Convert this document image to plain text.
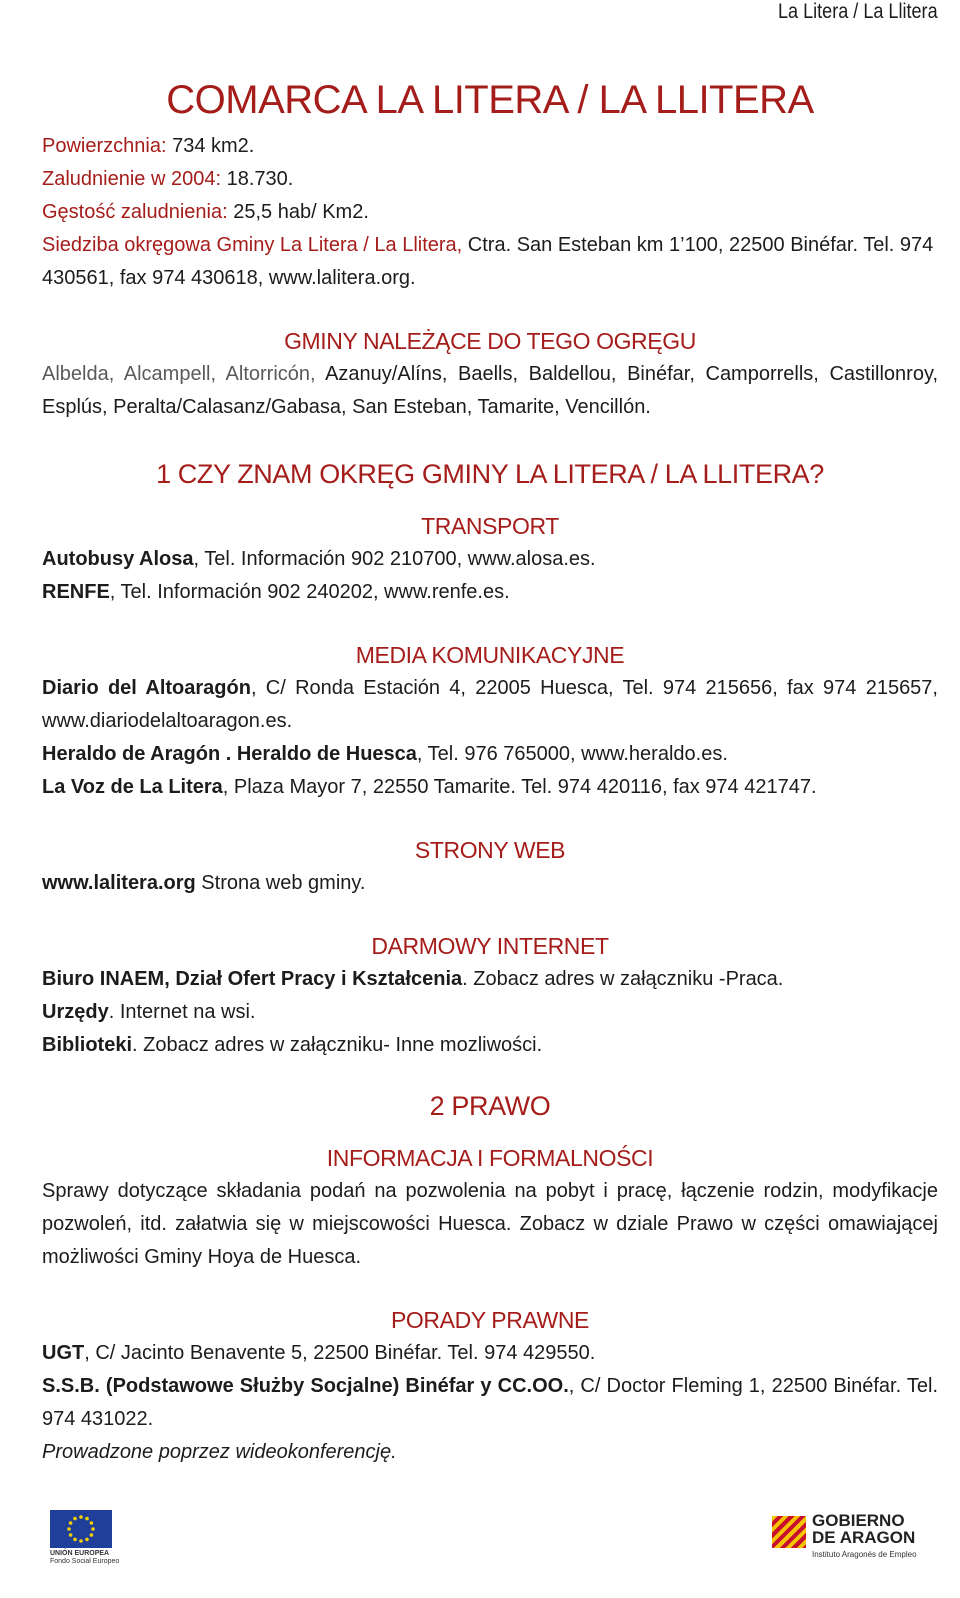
La Litera / La Llitera
COMARCA LA LITERA / LA LLITERA

Powierzchnia: 734 km2.

Zaludnienie w 2004: 18.730.

Gęstość zaludnienia: 25,5 hab/ Km2.

Siedziba okręgowa Gminy La Litera / La Llitera, Ctra. San Esteban km 1’100, 22500 Binéfar. Tel. 974 430561, fax 974 430618, www.lalitera.org.

GMINY NALEŻĄCE DO TEGO OGRĘGU

Albelda, Alcampell, Altorricón, Azanuy/Alíns, Baells, Baldellou, Binéfar, Camporrells, Castillonroy, Esplús, Peralta/Calasanz/Gabasa, San Esteban, Tamarite, Vencillón.

1 CZY ZNAM OKRĘG GMINY LA LITERA / LA LLITERA?
TRANSPORT

Autobusy Alosa, Tel. Información 902 210700, www.alosa.es.

RENFE, Tel. Información 902 240202, www.renfe.es.

MEDIA KOMUNIKACYJNE

Diario del Altoaragón, C/ Ronda Estación 4, 22005 Huesca, Tel. 974 215656, fax 974 215657, www.diariodelaltoaragon.es.

Heraldo de Aragón . Heraldo de Huesca, Tel. 976 765000, www.heraldo.es.

La Voz de La Litera, Plaza Mayor 7, 22550 Tamarite. Tel. 974 420116, fax 974 421747.

STRONY WEB

www.lalitera.org Strona web gminy.

DARMOWY INTERNET

Biuro INAEM, Dział Ofert Pracy i Kształcenia. Zobacz adres w załączniku -Praca.

Urzędy. Internet na wsi.

Biblioteki. Zobacz adres w załączniku- Inne mozliwości.

2 PRAWO
INFORMACJA I FORMALNOŚCI

Sprawy dotyczące składania podań na pozwolenia na pobyt i pracę, łączenie rodzin, modyfikacje pozwoleń, itd. załatwia się w miejscowości Huesca. Zobacz w dziale Prawo w części omawiającej możliwości Gminy Hoya de Huesca.

PORADY PRAWNE

UGT, C/ Jacinto Benavente 5, 22500 Binéfar. Tel. 974 429550.

S.S.B. (Podstawowe Służby Socjalne) Binéfar y CC.OO., C/ Doctor Fleming 1, 22500 Binéfar. Tel. 974 431022.

Prowadzone poprzez wideokonferencję.

UNIÓN EUROPEA
Fondo Social Europeo
GOBIERNO
DE ARAGON
Instituto Aragonés de Empleo
